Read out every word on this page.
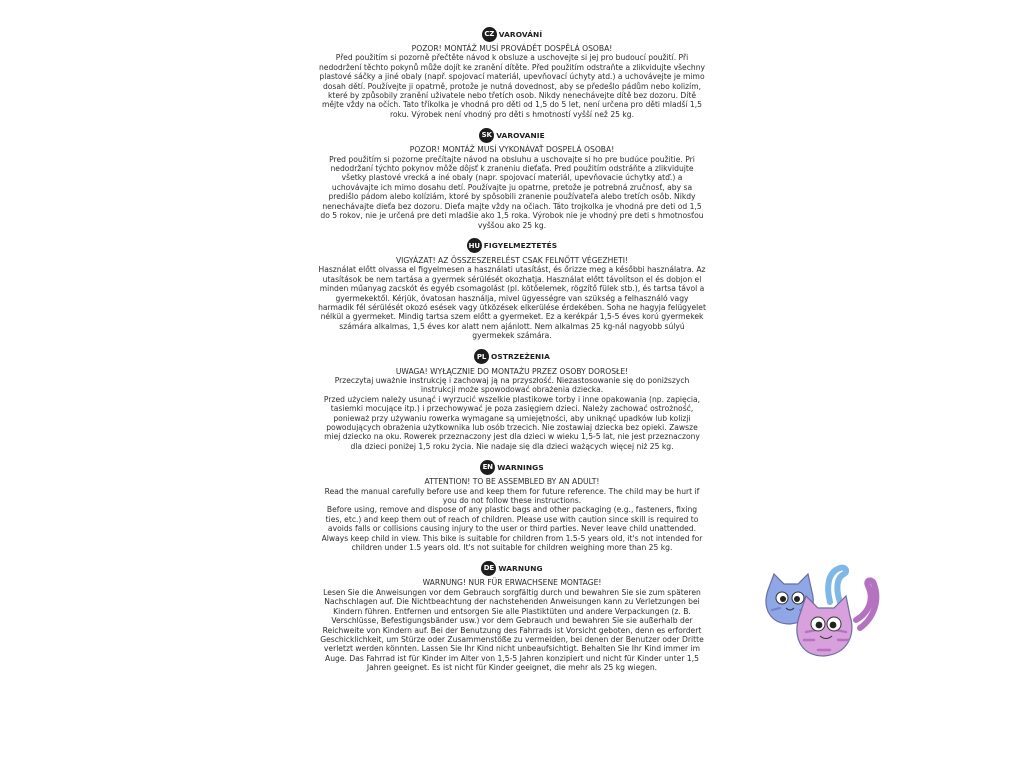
CZ VAROVÁNÍ
POZOR! MONTÁŽ MUSÍ PROVÁDĚT DOSPĚLÁ OSOBA!
Před použitím si pozorně přečtěte návod k obsluze a uschovejte si jej pro budoucí použití. Při nedodržení těchto pokynů může dojít ke zranění dítěte. Před použitím odstraňte a zlikvidujte všechny plastové sáčky a jiné obaly (např. spojovací materiál, upevňovací úchyty atd.) a uchovávejte je mimo dosah dětí. Používejte ji opatrně, protože je nutná dovednost, aby se předešlo pádům nebo kolizím, které by způsobily zranění uživatele nebo třetích osob. Nikdy nenechávejte dítě bez dozoru. Dítě mějte vždy na očích. Tato tříkolka je vhodná pro děti od 1,5 do 5 let, není určena pro děti mladší 1,5 roku. Výrobek není vhodný pro děti s hmotností vyšší než 25 kg.
SK VAROVANIE
POZOR! MONTÁŽ MUSÍ VYKONÁVAŤ DOSPELÁ OSOBA!
Pred použitím si pozorne prečítajte návod na obsluhu a uschovajte si ho pre budúce použitie. Pri nedodržaní týchto pokynov môže dôjsť k zraneniu dieťaťa. Pred použitím odstráňte a zlikvidujte všetky plastové vrecká a iné obaly (napr. spojovací materiál, upevňovacie úchytky atď.) a uchovávajte ich mimo dosahu detí. Používajte ju opatrne, pretože je potrebná zručnosť, aby sa predišlo pádom alebo kolíziám, ktoré by spôsobili zranenie používateľa alebo tretích osôb. Nikdy nenechávajte dieťa bez dozoru. Dieťa majte vždy na očiach. Táto trojkolka je vhodná pre deti od 1,5 do 5 rokov, nie je určená pre deti mladšie ako 1,5 roka. Výrobok nie je vhodný pre deti s hmotnosťou vyššou ako 25 kg.
HU FIGYELMEZTETÉS
VIGYÁZAT! AZ ÖSSZESZERELÉST CSAK FELNŐTT VÉGEZHETI!
Használat előtt olvassa el figyelmesen a használati utasítást, és őrizze meg a későbbi használatra. Az utasítások be nem tartása a gyermek sérülését okozhatja. Használat előtt távolítson el és dobjon el minden műanyag zacskót és egyéb csomagolást (pl. kötőelemek, rögzítő fülek stb.), és tartsa távol a gyermekektől. Kérjük, óvatosan használja, mivel ügyességre van szükség a felhasználó vagy harmadik fél sérülését okozó esések vagy ütközések elkerülése érdekében. Soha ne hagyja felügyelet nélkül a gyermeket. Mindig tartsa szem előtt a gyermeket. Ez a kerékpár 1,5-5 éves korú gyermekek számára alkalmas, 1,5 éves kor alatt nem ajánlott. Nem alkalmas 25 kg-nál nagyobb súlyú gyermekek számára.
PL OSTRZEŻENIA
UWAGA! WYŁĄCZNIE DO MONTAŻU PRZEZ OSOBY DOROSŁE!
Przeczytaj uważnie instrukcję i zachowaj ją na przyszłość. Niezastosowanie się do poniższych instrukcji może spowodować obrażenia dziecka.
Przed użyciem należy usunąć i wyrzucić wszelkie plastikowe torby i inne opakowania (np. zapięcia, tasiemki mocujące itp.) i przechowywać je poza zasięgiem dzieci. Należy zachować ostrożność, ponieważ przy używaniu rowerka wymagane są umiejętności, aby uniknąć upadków lub kolizji powodujących obrażenia użytkownika lub osób trzecich. Nie zostawiaj dziecka bez opieki. Zawsze miej dziecko na oku. Rowerek przeznaczony jest dla dzieci w wieku 1,5-5 lat, nie jest przeznaczony dla dzieci poniżej 1,5 roku życia. Nie nadaje się dla dzieci ważących więcej niż 25 kg.
EN WARNINGS
ATTENTION! TO BE ASSEMBLED BY AN ADULT!
Read the manual carefully before use and keep them for future reference. The child may be hurt if you do not follow these instructions.
Before using, remove and dispose of any plastic bags and other packaging (e.g., fasteners, fixing ties, etc.) and keep them out of reach of children. Please use with caution since skill is required to avoids falls or collisions causing injury to the user or third parties. Never leave child unattended. Always keep child in view. This bike is suitable for children from 1.5-5 years old, it's not intended for children under 1.5 years old. It's not suitable for children weighing more than 25 kg.
DE WARNUNG
WARNUNG! NUR FÜR ERWACHSENE MONTAGE!
Lesen Sie die Anweisungen vor dem Gebrauch sorgfältig durch und bewahren Sie sie zum späteren Nachschlagen auf. Die Nichtbeachtung der nachstehenden Anweisungen kann zu Verletzungen bei Kindern führen. Entfernen und entsorgen Sie alle Plastiktüten und andere Verpackungen (z. B. Verschlüsse, Befestigungsbänder usw.) vor dem Gebrauch und bewahren Sie sie außerhalb der Reichweite von Kindern auf. Bei der Benutzung des Fahrrads ist Vorsicht geboten, denn es erfordert Geschicklichkeit, um Stürze oder Zusammenstöße zu vermeiden, bei denen der Benutzer oder Dritte verletzt werden könnten. Lassen Sie Ihr Kind nicht unbeaufsichtigt. Behalten Sie Ihr Kind immer im Auge. Das Fahrrad ist für Kinder im Alter von 1,5-5 Jahren konzipiert und nicht für Kinder unter 1,5 Jahren geeignet. Es ist nicht für Kinder geeignet, die mehr als 25 kg wiegen.
